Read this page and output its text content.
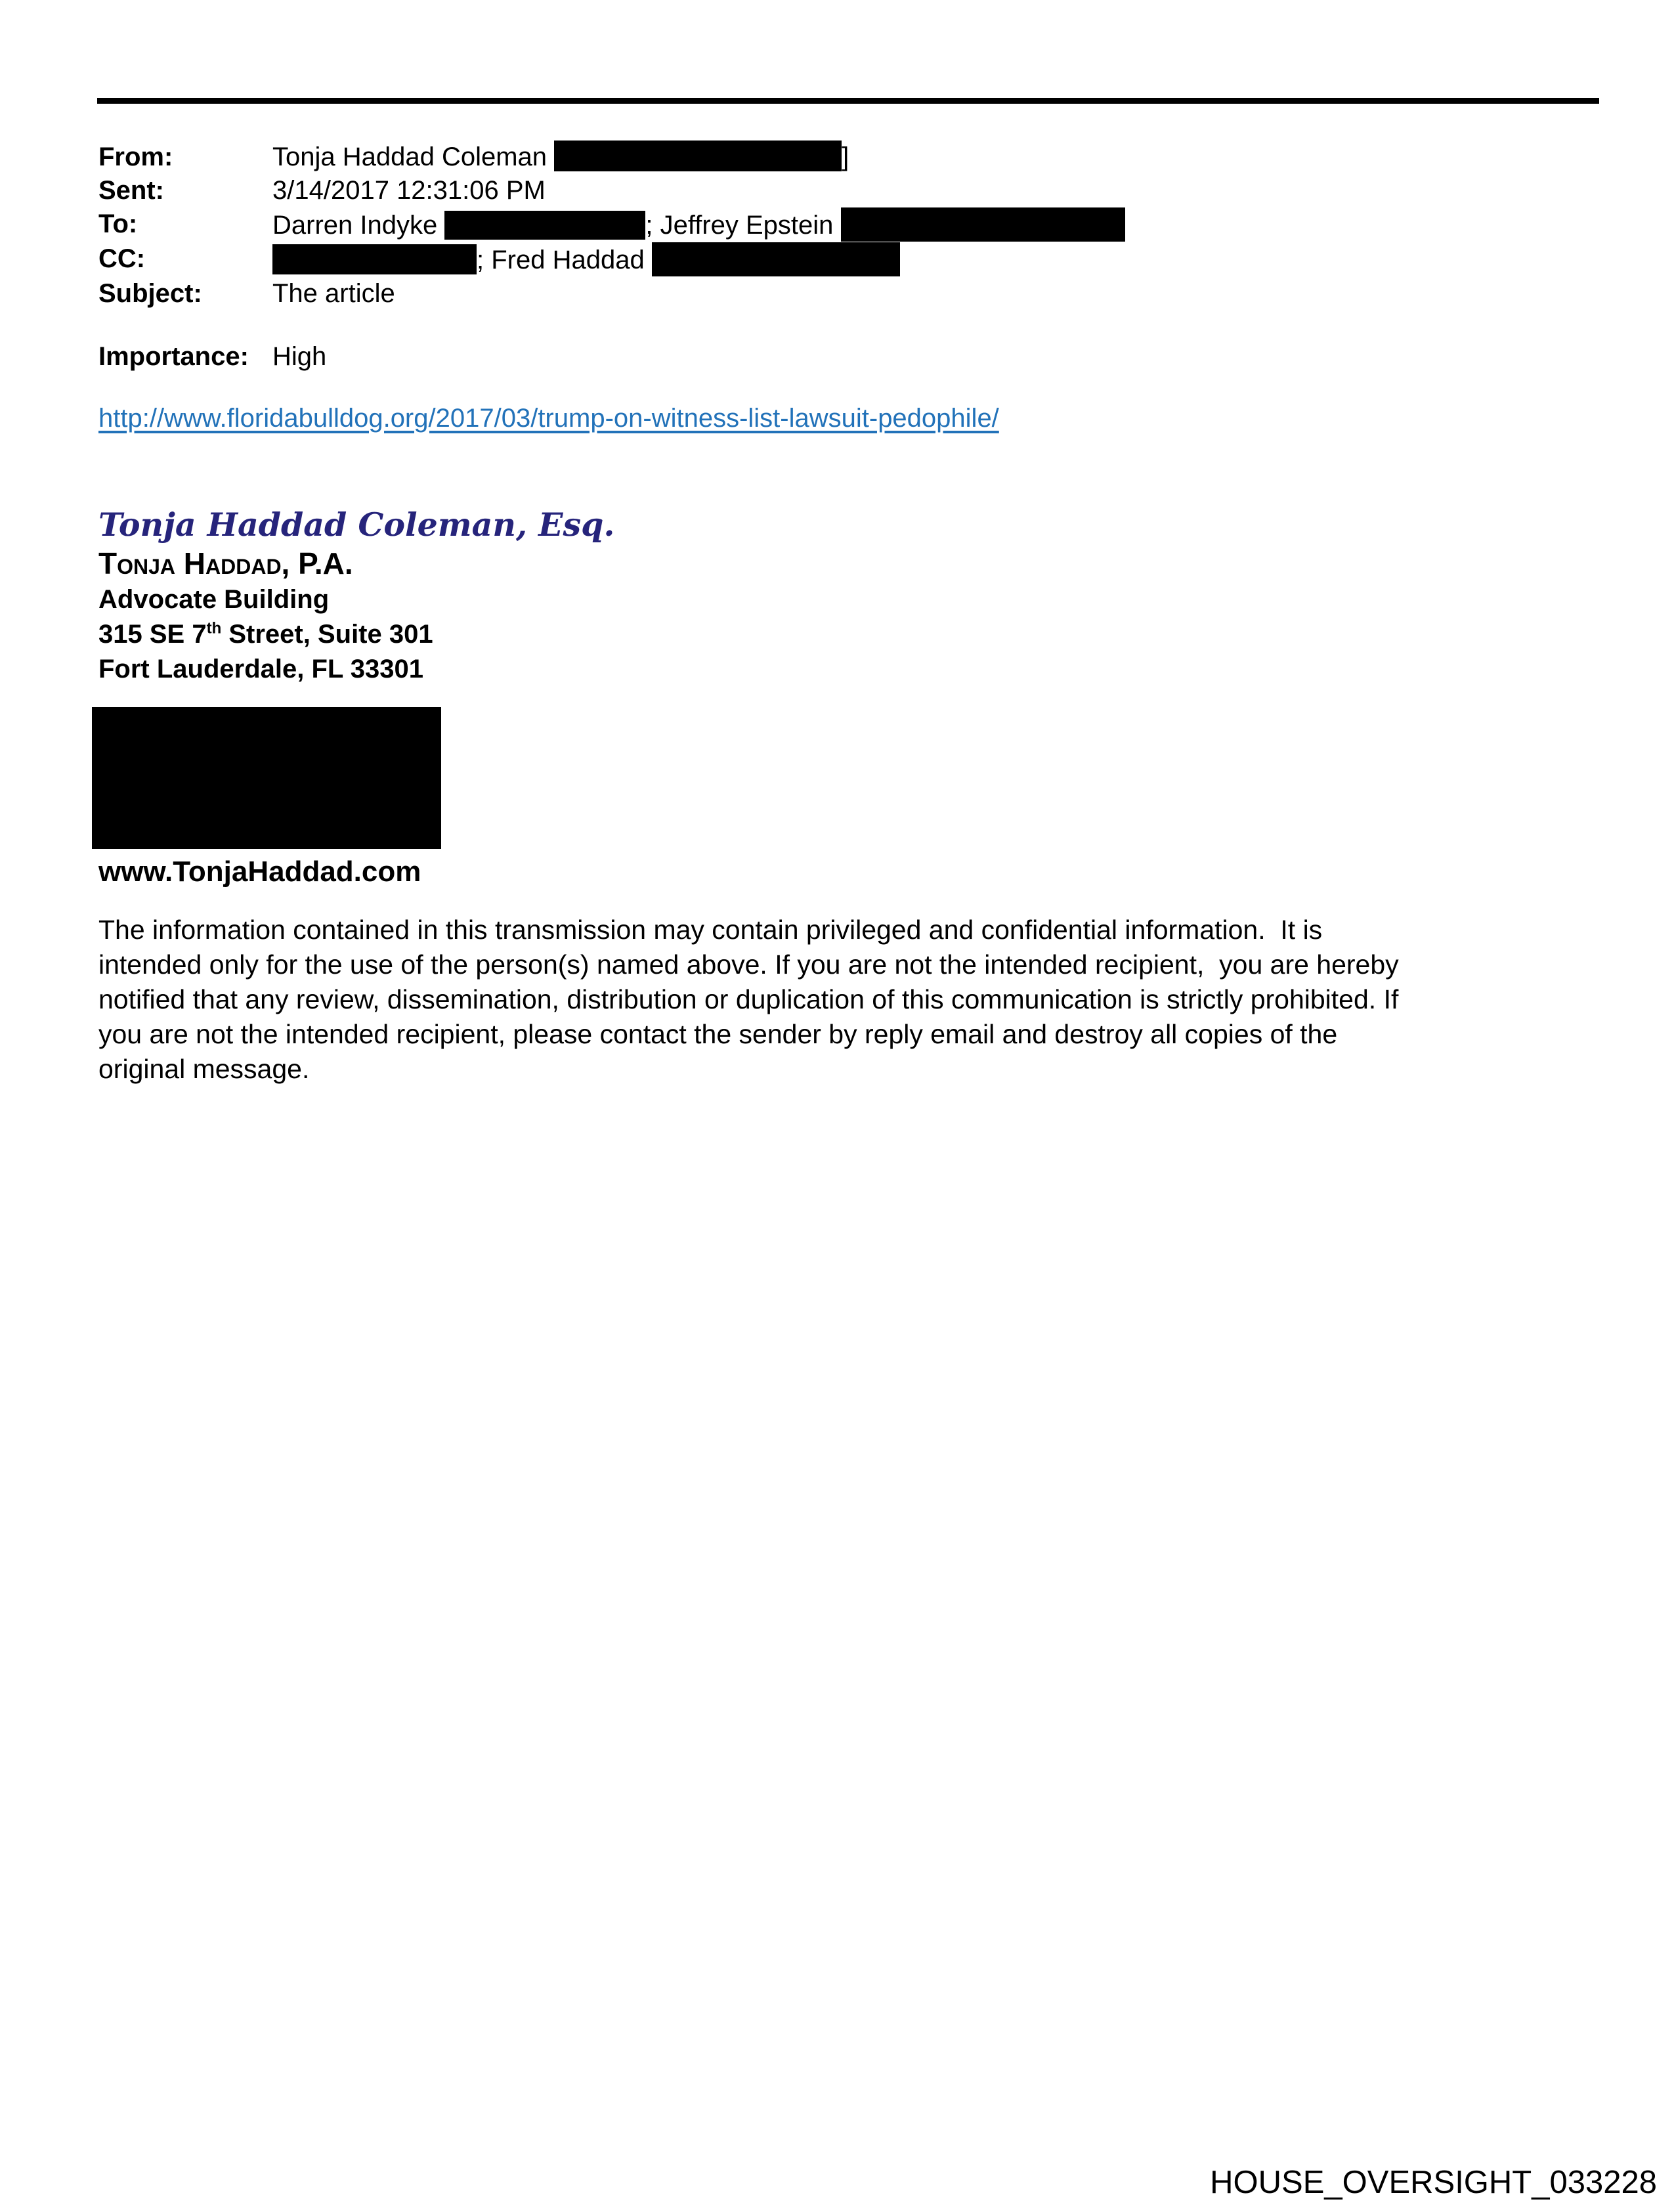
From:	Tonja Haddad Coleman	]
Sent:	3/14/2017 12:31:06 PM
To:	Darren Indyke	; Jeffrey Epstein
CC:	; Fred Haddad
Subject:	The article
Importance: High
http://www.floridabulldog.org/2017/03/trump-on-witness-list-lawsuit-pedophile/
Tonja Haddad Coleman, Esq.
Tonja Haddad, P.A.
Advocate Building
315 SE 7th Street, Suite 301
Fort Lauderdale, FL 33301
www.TonjaHaddad.com
The information contained in this transmission may contain privileged and confidential information.  It is
intended only for the use of the person(s) named above. If you are not the intended recipient,  you are hereby
notified that any review, dissemination, distribution or duplication of this communication is strictly prohibited. If
you are not the intended recipient, please contact the sender by reply email and destroy all copies of the
original message.
HOUSE_OVERSIGHT_033228
